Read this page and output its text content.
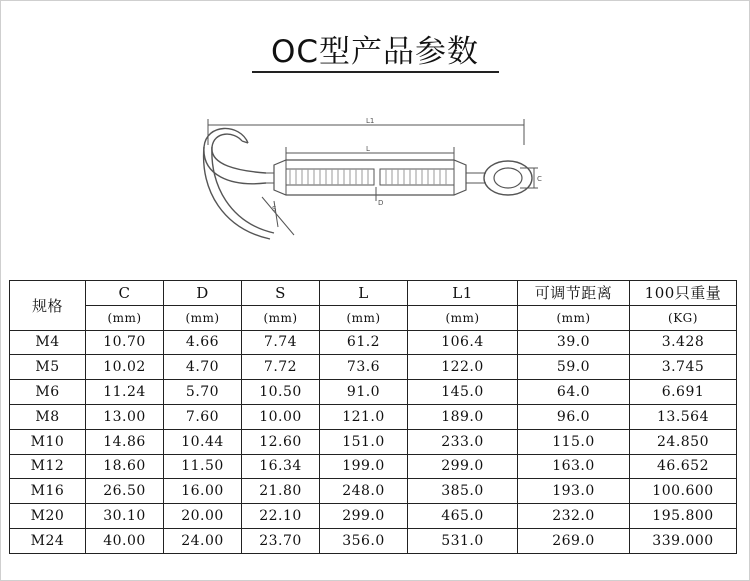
OC型产品参数
L1
L
C
D
S
规格	C	D	S	L	L1	可调节距离	100只重量
	(mm)	(mm)	(mm)	(mm)	(mm)	(mm)	(KG)
M4	10.70	4.66	7.74	61.2	106.4	39.0	3.428
M5	10.02	4.70	7.72	73.6	122.0	59.0	3.745
M6	11.24	5.70	10.50	91.0	145.0	64.0	6.691
M8	13.00	7.60	10.00	121.0	189.0	96.0	13.564
M10	14.86	10.44	12.60	151.0	233.0	115.0	24.850
M12	18.60	11.50	16.34	199.0	299.0	163.0	46.652
M16	26.50	16.00	21.80	248.0	385.0	193.0	100.600
M20	30.10	20.00	22.10	299.0	465.0	232.0	195.800
M24	40.00	24.00	23.70	356.0	531.0	269.0	339.000
